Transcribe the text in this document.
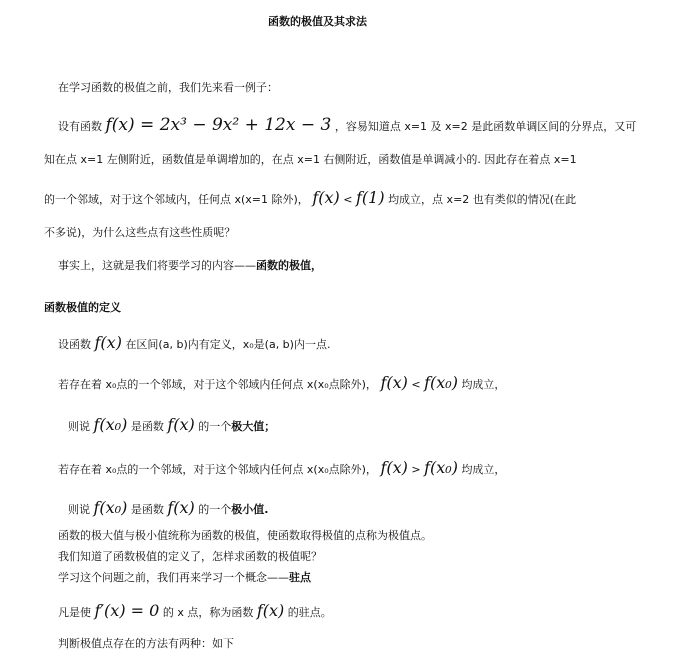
函数的极值及其求法
在学习函数的极值之前，我们先来看一例子：
设有函数 f(x) = 2x³ − 9x² + 12x − 3 ，容易知道点 x=1 及 x=2 是此函数单调区间的分界点，又可
知在点 x=1 左侧附近，函数值是单调增加的，在点 x=1 右侧附近，函数值是单调减小的. 因此存在着点 x=1
的一个邻域，对于这个邻域内，任何点 x(x=1 除外)， f(x) < f(1) 均成立，点 x=2 也有类似的情况(在此
不多说)，为什么这些点有这些性质呢？
事实上，这就是我们将要学习的内容——函数的极值，
函数极值的定义
设函数 f(x) 在区间(a, b)内有定义，x₀是(a, b)内一点.
若存在着 x₀点的一个邻域，对于这个邻域内任何点 x(x₀点除外)， f(x) < f(x₀) 均成立，
则说 f(x₀) 是函数 f(x) 的一个极大值；
若存在着 x₀点的一个邻域，对于这个邻域内任何点 x(x₀点除外)， f(x) > f(x₀) 均成立，
则说 f(x₀) 是函数 f(x) 的一个极小值.
函数的极大值与极小值统称为函数的极值，使函数取得极值的点称为极值点。
我们知道了函数极值的定义了，怎样求函数的极值呢？
学习这个问题之前，我们再来学习一个概念——驻点
凡是使 f′(x) = 0 的 x 点，称为函数 f(x) 的驻点。
判断极值点存在的方法有两种：如下
